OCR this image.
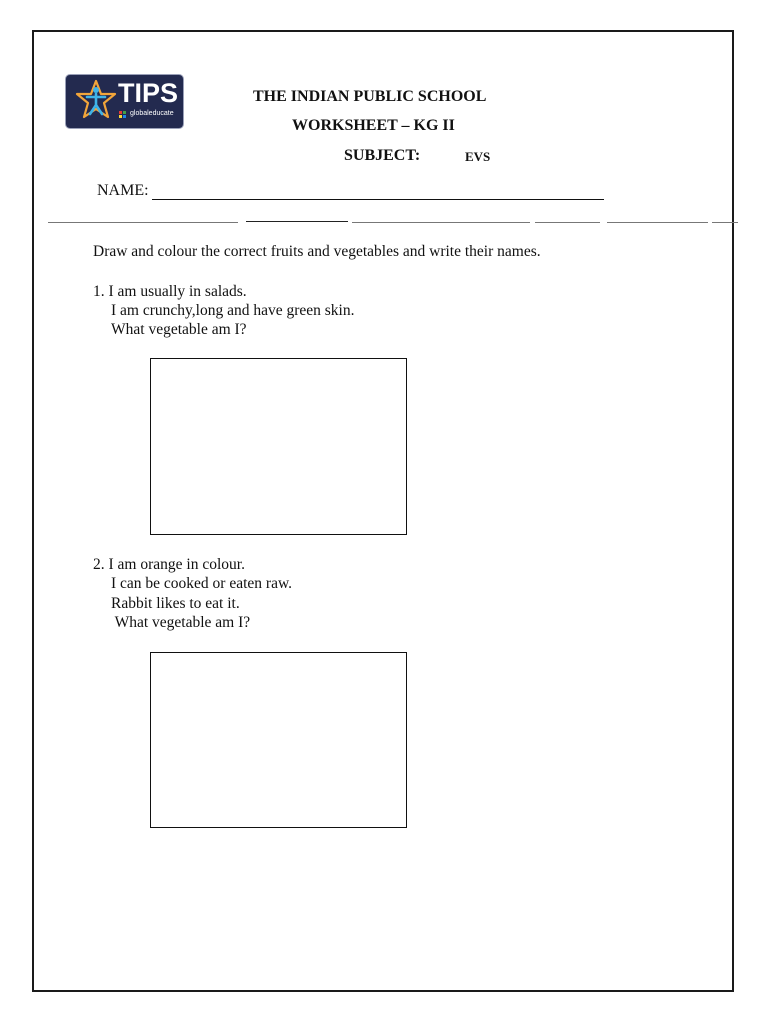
TIPS
globaleducate
THE INDIAN PUBLIC SCHOOL
WORKSHEET – KG II
SUBJECT:	EVS
NAME:
Draw and colour the correct fruits and vegetables and write their names.
1. I am usually in salads.
I am crunchy,long and have green skin.
What vegetable am I?
2. I am orange in colour.
I can be cooked or eaten raw.
Rabbit likes to eat it.
What vegetable am I?
